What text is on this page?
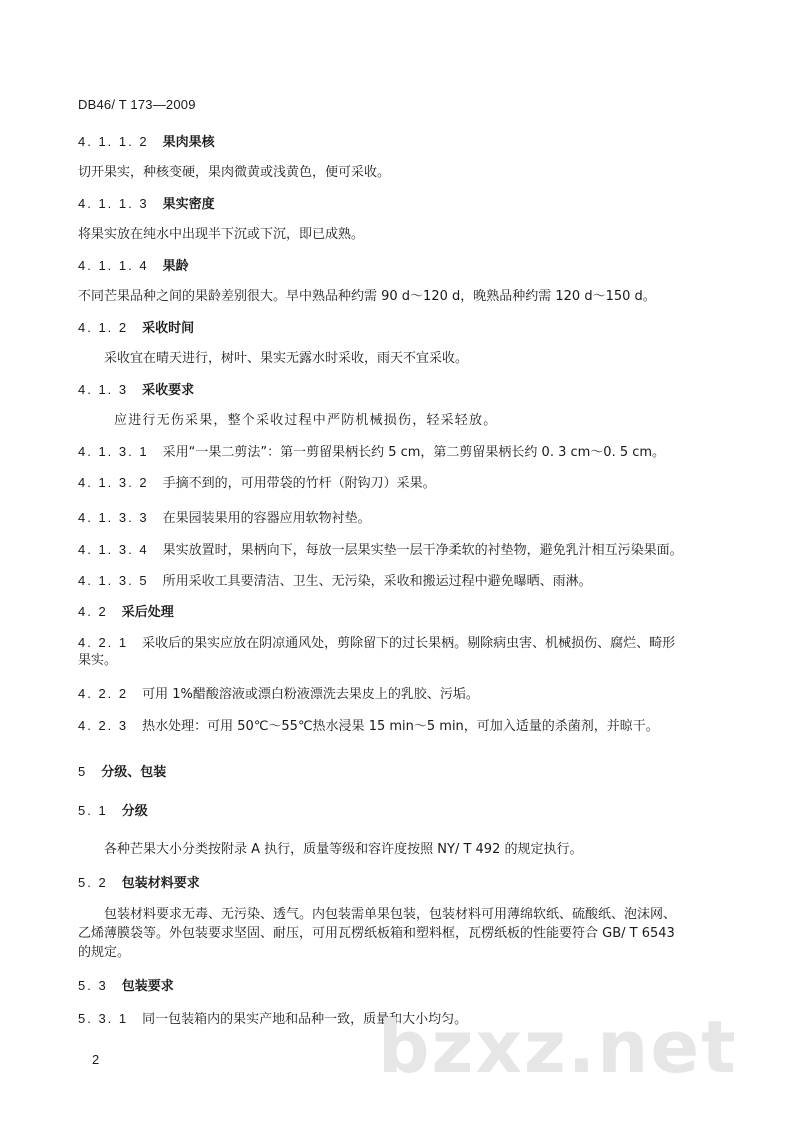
DB46/ T 173—2009
4. 1. 1. 2 果肉果核
切开果实，种核变硬，果肉微黄或浅黄色，便可采收。
4. 1. 1. 3 果实密度
将果实放在纯水中出现半下沉或下沉，即已成熟。
4. 1. 1. 4 果龄
不同芒果品种之间的果龄差别很大。早中熟品种约需 90 d～120 d，晚熟品种约需 120 d～150 d。
4. 1. 2 采收时间
采收宜在晴天进行，树叶、果实无露水时采收，雨天不宜采收。
4. 1. 3 采收要求
应进行无伤采果，整个采收过程中严防机械损伤，轻采轻放。
4. 1. 3. 1 采用“一果二剪法”：第一剪留果柄长约 5 cm，第二剪留果柄长约 0. 3 cm～0. 5 cm。
4. 1. 3. 2 手摘不到的，可用带袋的竹杆（附钩刀）采果。
4. 1. 3. 3 在果园装果用的容器应用软物衬垫。
4. 1. 3. 4 果实放置时，果柄向下，每放一层果实垫一层干净柔软的衬垫物，避免乳汁相互污染果面。
4. 1. 3. 5 所用采收工具要清洁、卫生、无污染，采收和搬运过程中避免曝晒、雨淋。
4. 2 采后处理
4. 2. 1 采收后的果实应放在阴凉通风处，剪除留下的过长果柄。剔除病虫害、机械损伤、腐烂、畸形
果实。
4. 2. 2 可用 1%醋酸溶液或漂白粉液漂洗去果皮上的乳胶、污垢。
4. 2. 3 热水处理：可用 50℃～55℃热水浸果 15 min～5 min，可加入适量的杀菌剂，并晾干。
5 分级、包装
5. 1 分级
各种芒果大小分类按附录 A 执行，质量等级和容许度按照 NY/ T 492 的规定执行。
5. 2 包装材料要求
包装材料要求无毒、无污染、透气。内包装需单果包装，包装材料可用薄绵软纸、硫酸纸、泡沫网、
乙烯薄膜袋等。外包装要求坚固、耐压，可用瓦楞纸板箱和塑料框，瓦楞纸板的性能要符合 GB/ T 6543
的规定。
5. 3 包装要求
5. 3. 1 同一包装箱内的果实产地和品种一致，质量和大小均匀。
bzxz.net
2
